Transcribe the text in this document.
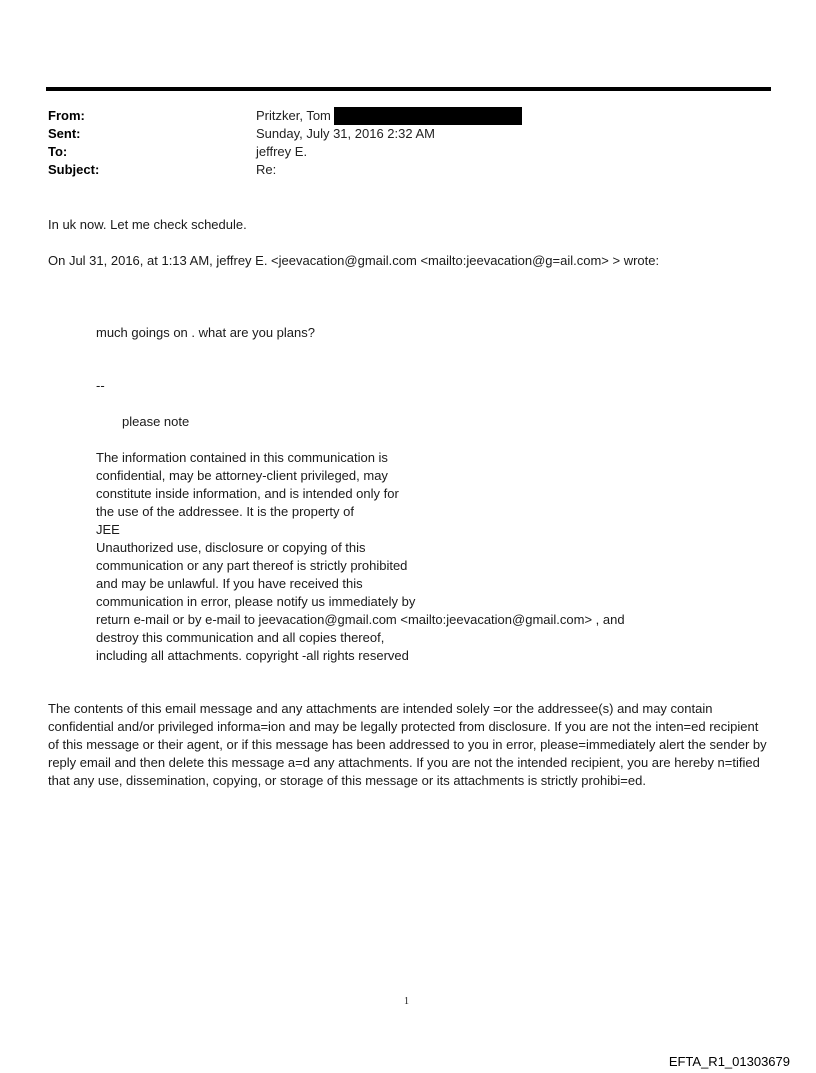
From:	Pritzker, Tom
Sent:	Sunday, July 31, 2016 2:32 AM
To:	jeffrey E.
Subject:	Re:
In uk now. Let me check schedule.
On Jul 31, 2016, at 1:13 AM, jeffrey E. <jeevacation@gmail.com <mailto:jeevacation@g=ail.com> > wrote:
much goings on . what are you plans?
--
please note
The information contained in this communication is
confidential, may be attorney-client privileged, may
constitute inside information, and is intended only for
the use of the addressee. It is the property of
JEE
Unauthorized use, disclosure or copying of this
communication or any part thereof is strictly prohibited
and may be unlawful. If you have received this
communication in error, please notify us immediately by
return e-mail or by e-mail to jeevacation@gmail.com <mailto:jeevacation@gmail.com> , and
destroy this communication and all copies thereof,
including all attachments. copyright -all rights reserved
The contents of this email message and any attachments are intended solely =or the addressee(s) and may contain confidential and/or privileged informa=ion and may be legally protected from disclosure. If you are not the inten=ed recipient of this message or their agent, or if this message has been addressed to you in error, please=immediately alert the sender by reply email and then delete this message a=d any attachments. If you are not the intended recipient, you are hereby n=tified that any use, dissemination, copying, or storage of this message or its attachments is strictly prohibi=ed.
1
EFTA_R1_01303679
